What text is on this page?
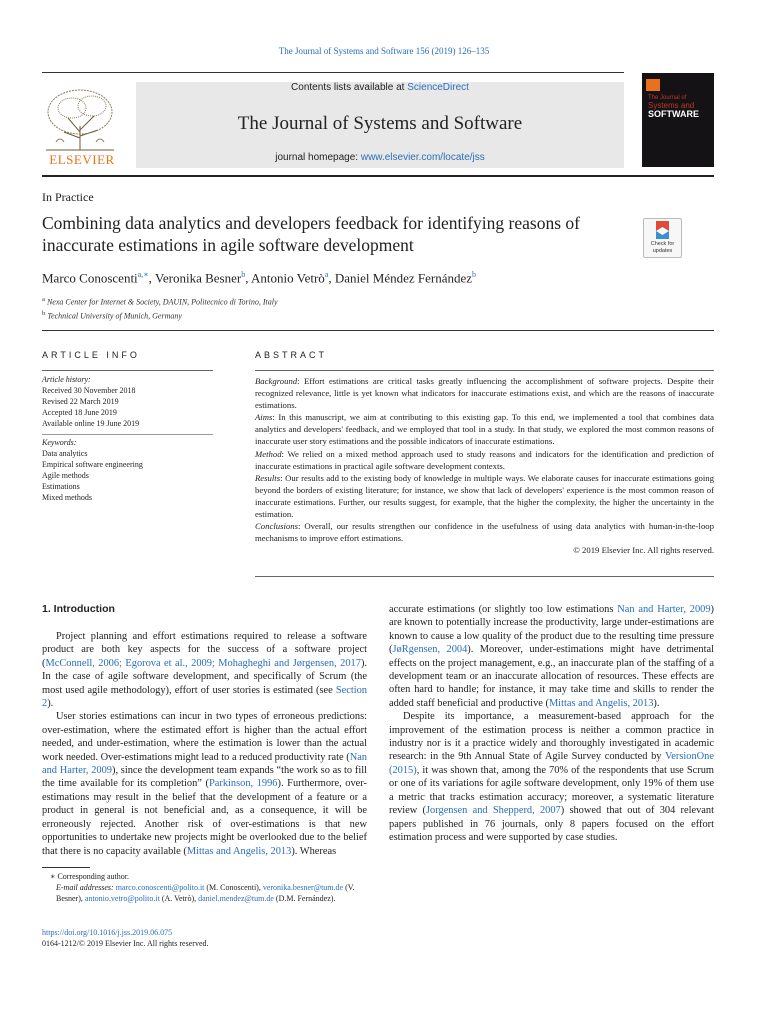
The Journal of Systems and Software 156 (2019) 126–135
ELSEVIER
Contents lists available at ScienceDirect
The Journal of Systems and Software
journal homepage: www.elsevier.com/locate/jss
The Journal of
Systems and
SOFTWARE
In Practice
Combining data analytics and developers feedback for identifying reasons of inaccurate estimations in agile software development	Check for
updates
Marco Conoscenti$^{a,∗}$, Veronika Besner$^b$, Antonio Vetrò$^a$, Daniel Méndez Fernández$^b$
$^a$ Nexa Center for Internet & Society, DAUIN, Politecnico di Torino, Italy
$^b$ Technical University of Munich, Germany
ARTICLE INFO	ABSTRACT
Article history:
Received 30 November 2018
Revised 22 March 2019
Accepted 18 June 2019
Available online 19 June 2019
Keywords:
Data analytics
Empirical software engineering
Agile methods
Estimations
Mixed methods

Background: Effort estimations are critical tasks greatly influencing the accomplishment of software projects. Despite their recognized relevance, little is yet known what indicators for inaccurate estimations exist, and which are the reasons of inaccurate estimations.

Aims: In this manuscript, we aim at contributing to this existing gap. To this end, we implemented a tool that combines data analytics and developers' feedback, and we employed that tool in a study. In that study, we explored the most common reasons of inaccurate user story estimations and the possible indicators of inaccurate estimations.

Method: We relied on a mixed method approach used to study reasons and indicators for the identification and prediction of inaccurate estimations in practical agile software development contexts.

Results: Our results add to the existing body of knowledge in multiple ways. We elaborate causes for inaccurate estimations going beyond the borders of existing literature; for instance, we show that lack of developers' experience is the most common reason of inaccurate estimations. Further, our results suggest, for example, that the higher the complexity, the higher the uncertainty in the estimation.

Conclusions: Overall, our results strengthen our confidence in the usefulness of using data analytics with human-in-the-loop mechanisms to improve effort estimations.

© 2019 Elsevier Inc. All rights reserved.

1. Introduction

Project planning and effort estimations required to release a software product are both key aspects for the success of a software project (McConnell, 2006; Egorova et al., 2009; Mohagheghi and Jørgensen, 2017). In the case of agile software development, and specifically of Scrum (the most used agile methodology), effort of user stories is estimated (see Section 2).

User stories estimations can incur in two types of erroneous predictions: over-estimation, where the estimated effort is higher than the actual effort needed, and under-estimation, where the estimation is lower than the actual work needed. Over-estimations might lead to a reduced productivity rate (Nan and Harter, 2009), since the development team expands “the work so as to fill the time available for its completion” (Parkinson, 1996). Furthermore, over-estimations may result in the belief that the development of a feature or a product in general is not beneficial and, as a consequence, it will be erroneously rejected. Another risk of over-estimations is that new opportunities to undertake new projects might be overlooked due to the belief that there is no capacity available (Mittas and Angelis, 2013). Whereas

accurate estimations (or slightly too low estimations Nan and Harter, 2009) are known to potentially increase the productivity, large under-estimations are known to cause a low quality of the product due to the resulting time pressure (JøRgensen, 2004). Moreover, under-estimations might have detrimental effects on the project management, e.g., an inaccurate plan of the staffing of a development team or an inaccurate allocation of resources. These effects are often hard to handle; for instance, it may take time and skills to render the added staff beneficial and productive (Mittas and Angelis, 2013).

Despite its importance, a measurement-based approach for the improvement of the estimation process is neither a common practice in industry nor is it a practice widely and thoroughly investigated in academic research: in the 9th Annual State of Agile Survey conducted by VersionOne (2015), it was shown that, among the 70% of the respondents that use Scrum or one of its variations for agile software development, only 19% of them use a metric that tracks estimation accuracy; moreover, a systematic literature review (Jorgensen and Shepperd, 2007) showed that out of 304 relevant papers published in 76 journals, only 8 papers focused on the effort estimation process and were supported by case studies.

∗ Corresponding author.
E-mail addresses: marco.conoscenti@polito.it (M. Conoscenti), veronika.besner@tum.de (V. Besner), antonio.vetro@polito.it (A. Vetrò), daniel.mendez@tum.de (D.M. Fernández).
https://doi.org/10.1016/j.jss.2019.06.075
0164-1212/© 2019 Elsevier Inc. All rights reserved.
